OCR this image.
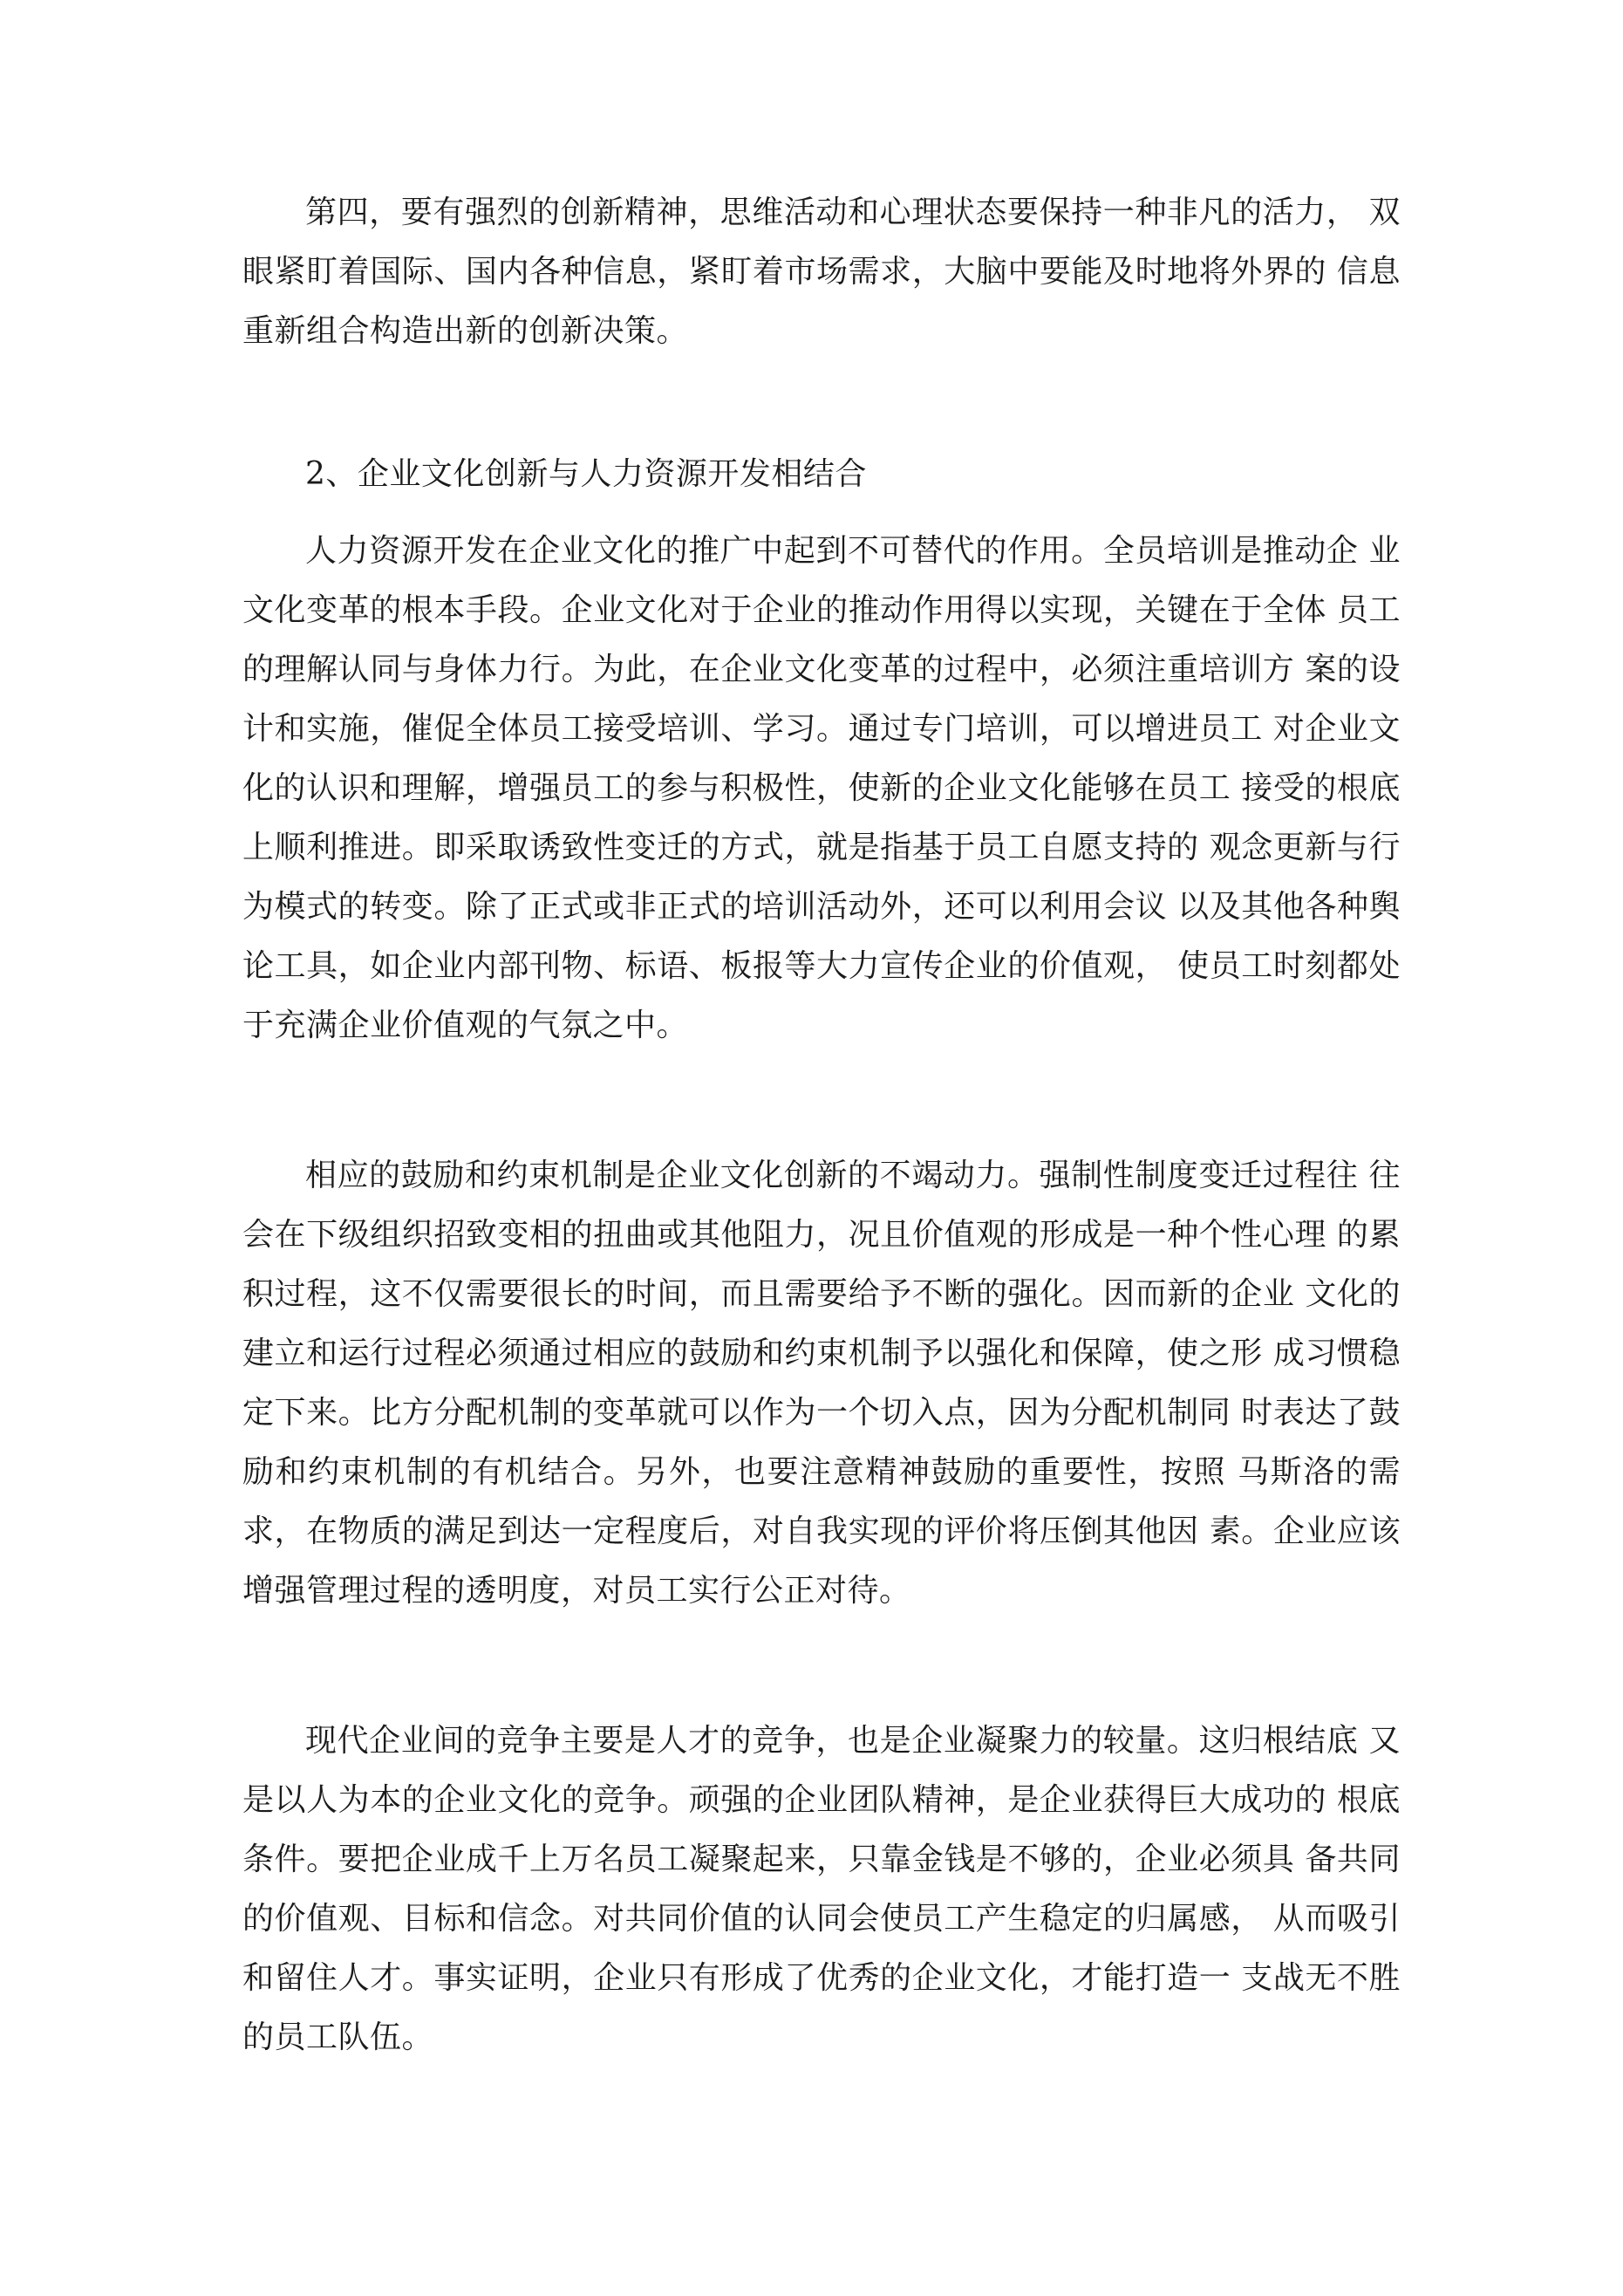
第四，要有强烈的创新精神，思维活动和心理状态要保持一种非凡的活力， 双眼紧盯着国际、国内各种信息，紧盯着市场需求，大脑中要能及时地将外界的 信息重新组合构造出新的创新决策。

2、企业文化创新与人力资源开发相结合

人力资源开发在企业文化的推广中起到不可替代的作用。全员培训是推动企 业文化变革的根本手段。企业文化对于企业的推动作用得以实现，关键在于全体 员工的理解认同与身体力行。为此，在企业文化变革的过程中，必须注重培训方 案的设计和实施，催促全体员工接受培训、学习。通过专门培训，可以增进员工 对企业文化的认识和理解，增强员工的参与积极性，使新的企业文化能够在员工 接受的根底上顺利推进。即采取诱致性变迁的方式，就是指基于员工自愿支持的 观念更新与行为模式的转变。除了正式或非正式的培训活动外，还可以利用会议 以及其他各种舆论工具，如企业内部刊物、标语、板报等大力宣传企业的价值观， 使员工时刻都处于充满企业价值观的气氛之中。

相应的鼓励和约束机制是企业文化创新的不竭动力。强制性制度变迁过程往 往会在下级组织招致变相的扭曲或其他阻力，况且价值观的形成是一种个性心理 的累积过程，这不仅需要很长的时间，而且需要给予不断的强化。因而新的企业 文化的建立和运行过程必须通过相应的鼓励和约束机制予以强化和保障，使之形 成习惯稳定下来。比方分配机制的变革就可以作为一个切入点，因为分配机制同 时表达了鼓励和约束机制的有机结合。另外，也要注意精神鼓励的重要性，按照 马斯洛的需求，在物质的满足到达一定程度后，对自我实现的评价将压倒其他因 素。企业应该增强管理过程的透明度，对员工实行公正对待。

现代企业间的竞争主要是人才的竞争，也是企业凝聚力的较量。这归根结底 又是以人为本的企业文化的竞争。顽强的企业团队精神，是企业获得巨大成功的 根底条件。要把企业成千上万名员工凝聚起来，只靠金钱是不够的，企业必须具 备共同的价值观、目标和信念。对共同价值的认同会使员工产生稳定的归属感， 从而吸引和留住人才。事实证明，企业只有形成了优秀的企业文化，才能打造一 支战无不胜的员工队伍。
